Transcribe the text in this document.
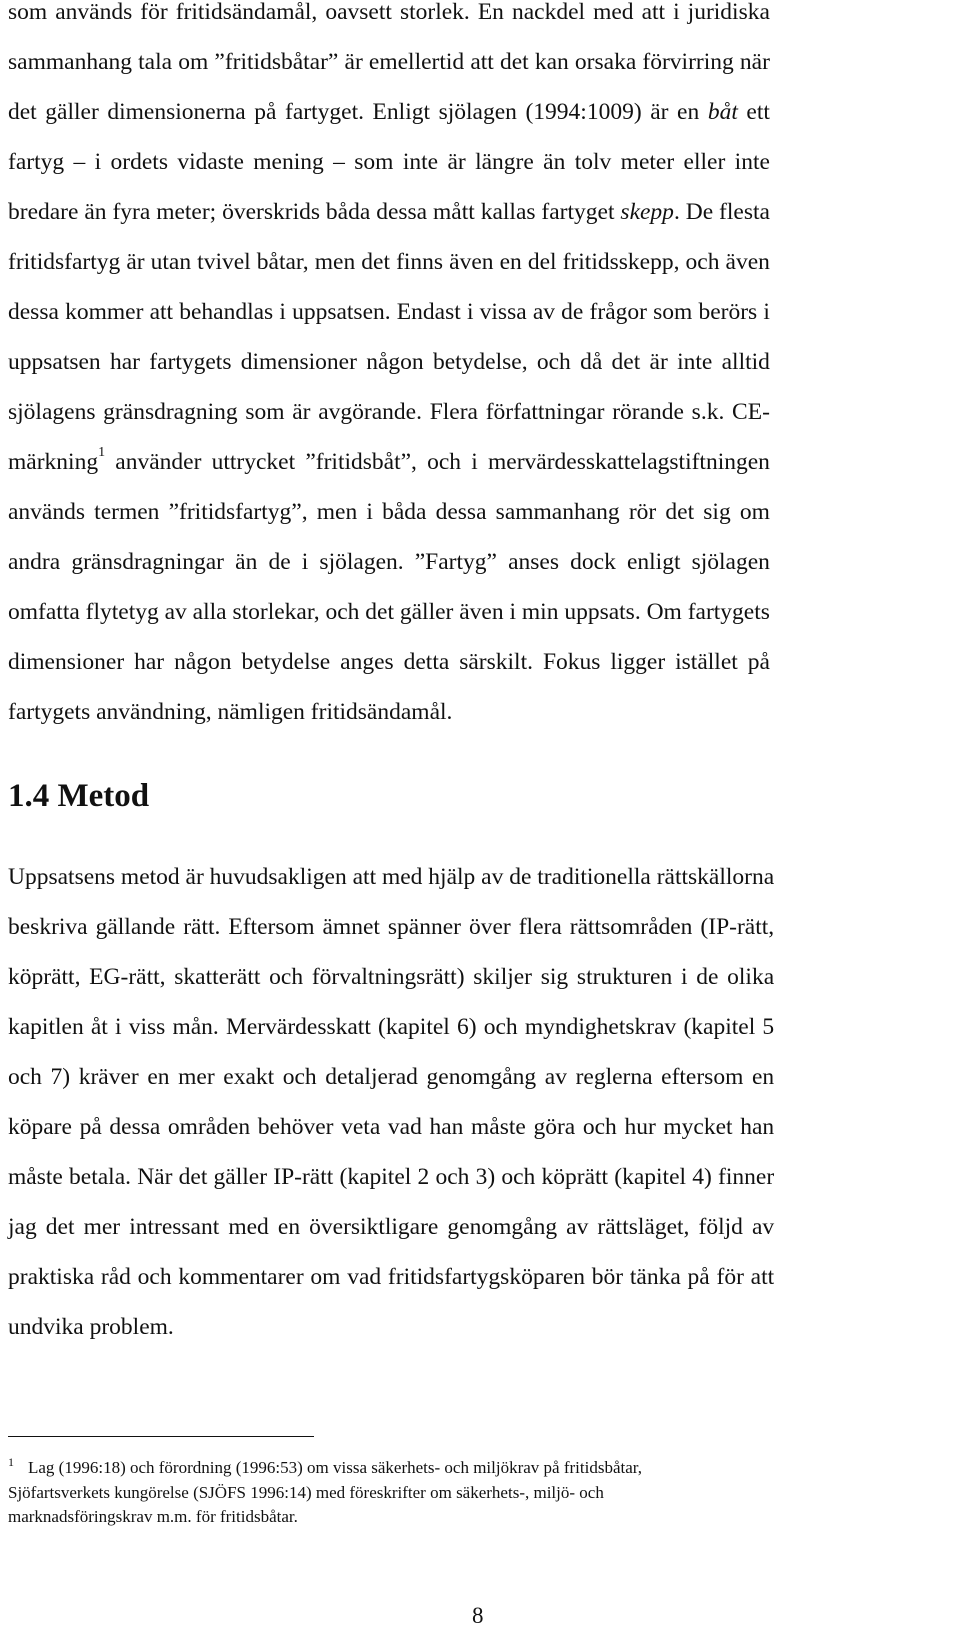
som används för fritidsändamål, oavsett storlek. En nackdel med att i juridiska
sammanhang tala om ”fritidsbåtar” är emellertid att det kan orsaka förvirring när
det gäller dimensionerna på fartyget. Enligt sjölagen (1994:1009) är en båt ett
fartyg – i ordets vidaste mening – som inte är längre än tolv meter eller inte
bredare än fyra meter; överskrids båda dessa mått kallas fartyget skepp. De flesta
fritidsfartyg är utan tvivel båtar, men det finns även en del fritidsskepp, och även
dessa kommer att behandlas i uppsatsen. Endast i vissa av de frågor som berörs i
uppsatsen har fartygets dimensioner någon betydelse, och då det är inte alltid
sjölagens gränsdragning som är avgörande. Flera författningar rörande s.k. CE-
märkning$^1$ använder uttrycket ”fritidsbåt”, och i mervärdesskattelagstiftningen
används termen ”fritidsfartyg”, men i båda dessa sammanhang rör det sig om
andra gränsdragningar än de i sjölagen. ”Fartyg” anses dock enligt sjölagen
omfatta flytetyg av alla storlekar, och det gäller även i min uppsats. Om fartygets
dimensioner har någon betydelse anges detta särskilt. Fokus ligger istället på
fartygets användning, nämligen fritidsändamål.
1.4 Metod
Uppsatsens metod är huvudsakligen att med hjälp av de traditionella rättskällorna
beskriva gällande rätt. Eftersom ämnet spänner över flera rättsområden (IP-rätt,
köprätt, EG-rätt, skatterätt och förvaltningsrätt) skiljer sig strukturen i de olika
kapitlen åt i viss mån. Mervärdesskatt (kapitel 6) och myndighetskrav (kapitel 5
och 7) kräver en mer exakt och detaljerad genomgång av reglerna eftersom en
köpare på dessa områden behöver veta vad han måste göra och hur mycket han
måste betala. När det gäller IP-rätt (kapitel 2 och 3) och köprätt (kapitel 4) finner
jag det mer intressant med en översiktligare genomgång av rättsläget, följd av
praktiska råd och kommentarer om vad fritidsfartygsköparen bör tänka på för att
undvika problem.
$^1$ Lag (1996:18) och förordning (1996:53) om vissa säkerhets- och miljökrav på fritidsbåtar,
Sjöfartsverkets kungörelse (SJÖFS 1996:14) med föreskrifter om säkerhets-, miljö- och
marknadsföringskrav m.m. för fritidsbåtar.
8
